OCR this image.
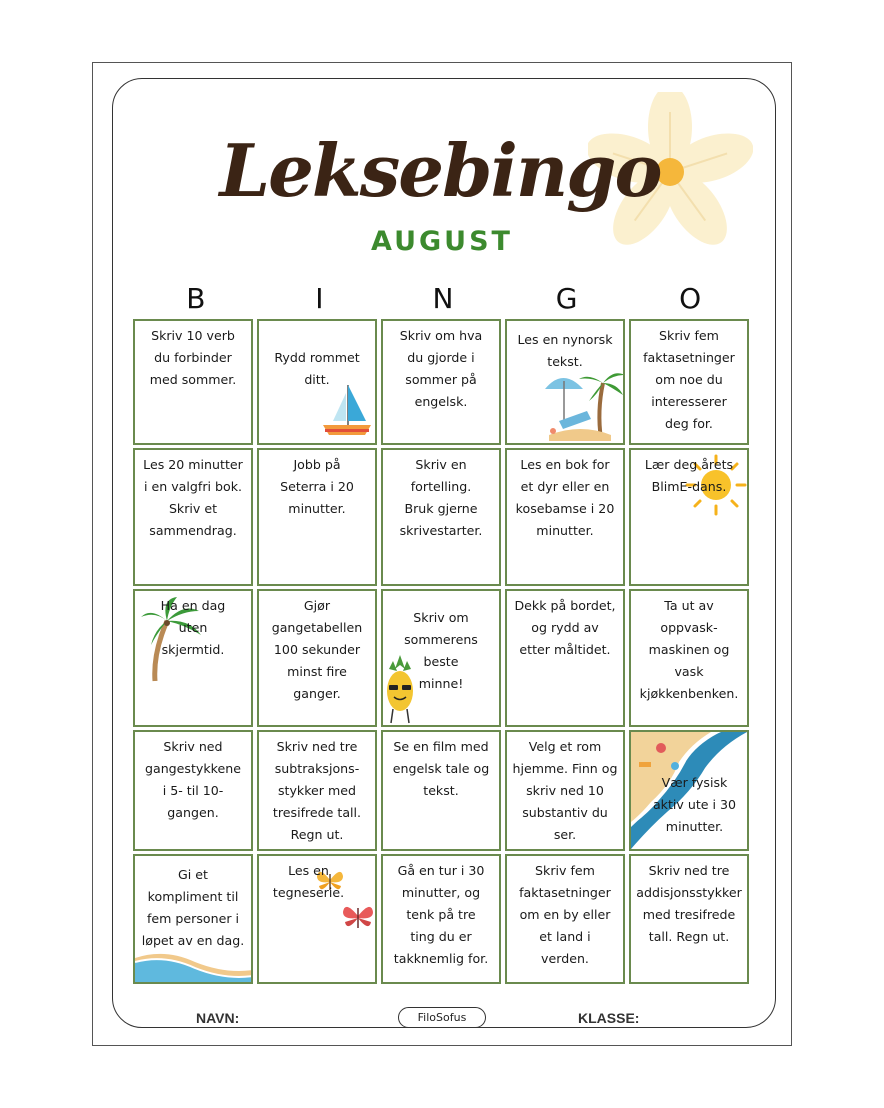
Leksebingo
AUGUST
B	I	N	G	O
Skriv 10 verb
du forbinder
med sommer.
Rydd rommet
ditt.
Skriv om hva
du gjorde i
sommer på
engelsk.
Les en nynorsk
tekst.
Skriv fem
faktasetninger
om noe du
interesserer
deg for.
Les 20 minutter
i en valgfri bok.
Skriv et
sammendrag.
Jobb på
Seterra i 20
minutter.
Skriv en
fortelling.
Bruk gjerne
skrivestarter.
Les en bok for
et dyr eller en
kosebamse i 20
minutter.
Lær deg årets
BlimE-dans.
Ha en dag
uten
skjermtid.
Gjør
gangetabellen
100 sekunder
minst fire
ganger.
Skriv om
sommerens beste
minne!
Dekk på bordet,
og rydd av
etter måltidet.
Ta ut av
oppvask-
maskinen og
vask
kjøkkenbenken.
Skriv ned
gangestykkene
i 5- til 10-
gangen.
Skriv ned tre
subtraksjons-
stykker med
tresifrede tall.
Regn ut.
Se en film med
engelsk tale og
tekst.
Velg et rom
hjemme. Finn og
skriv ned 10
substantiv du
ser.
Vær fysisk
aktiv ute i 30
minutter.
Gi et
kompliment til
fem personer i
løpet av en dag.
Les en
tegneserie.
Gå en tur i 30
minutter, og
tenk på tre
ting du er
takknemlig for.
Skriv fem
faktasetninger
om en by eller
et land i
verden.
Skriv ned tre
addisjonsstykker
med tresifrede
tall. Regn ut.
NAVN:	FiloSofus	KLASSE:
